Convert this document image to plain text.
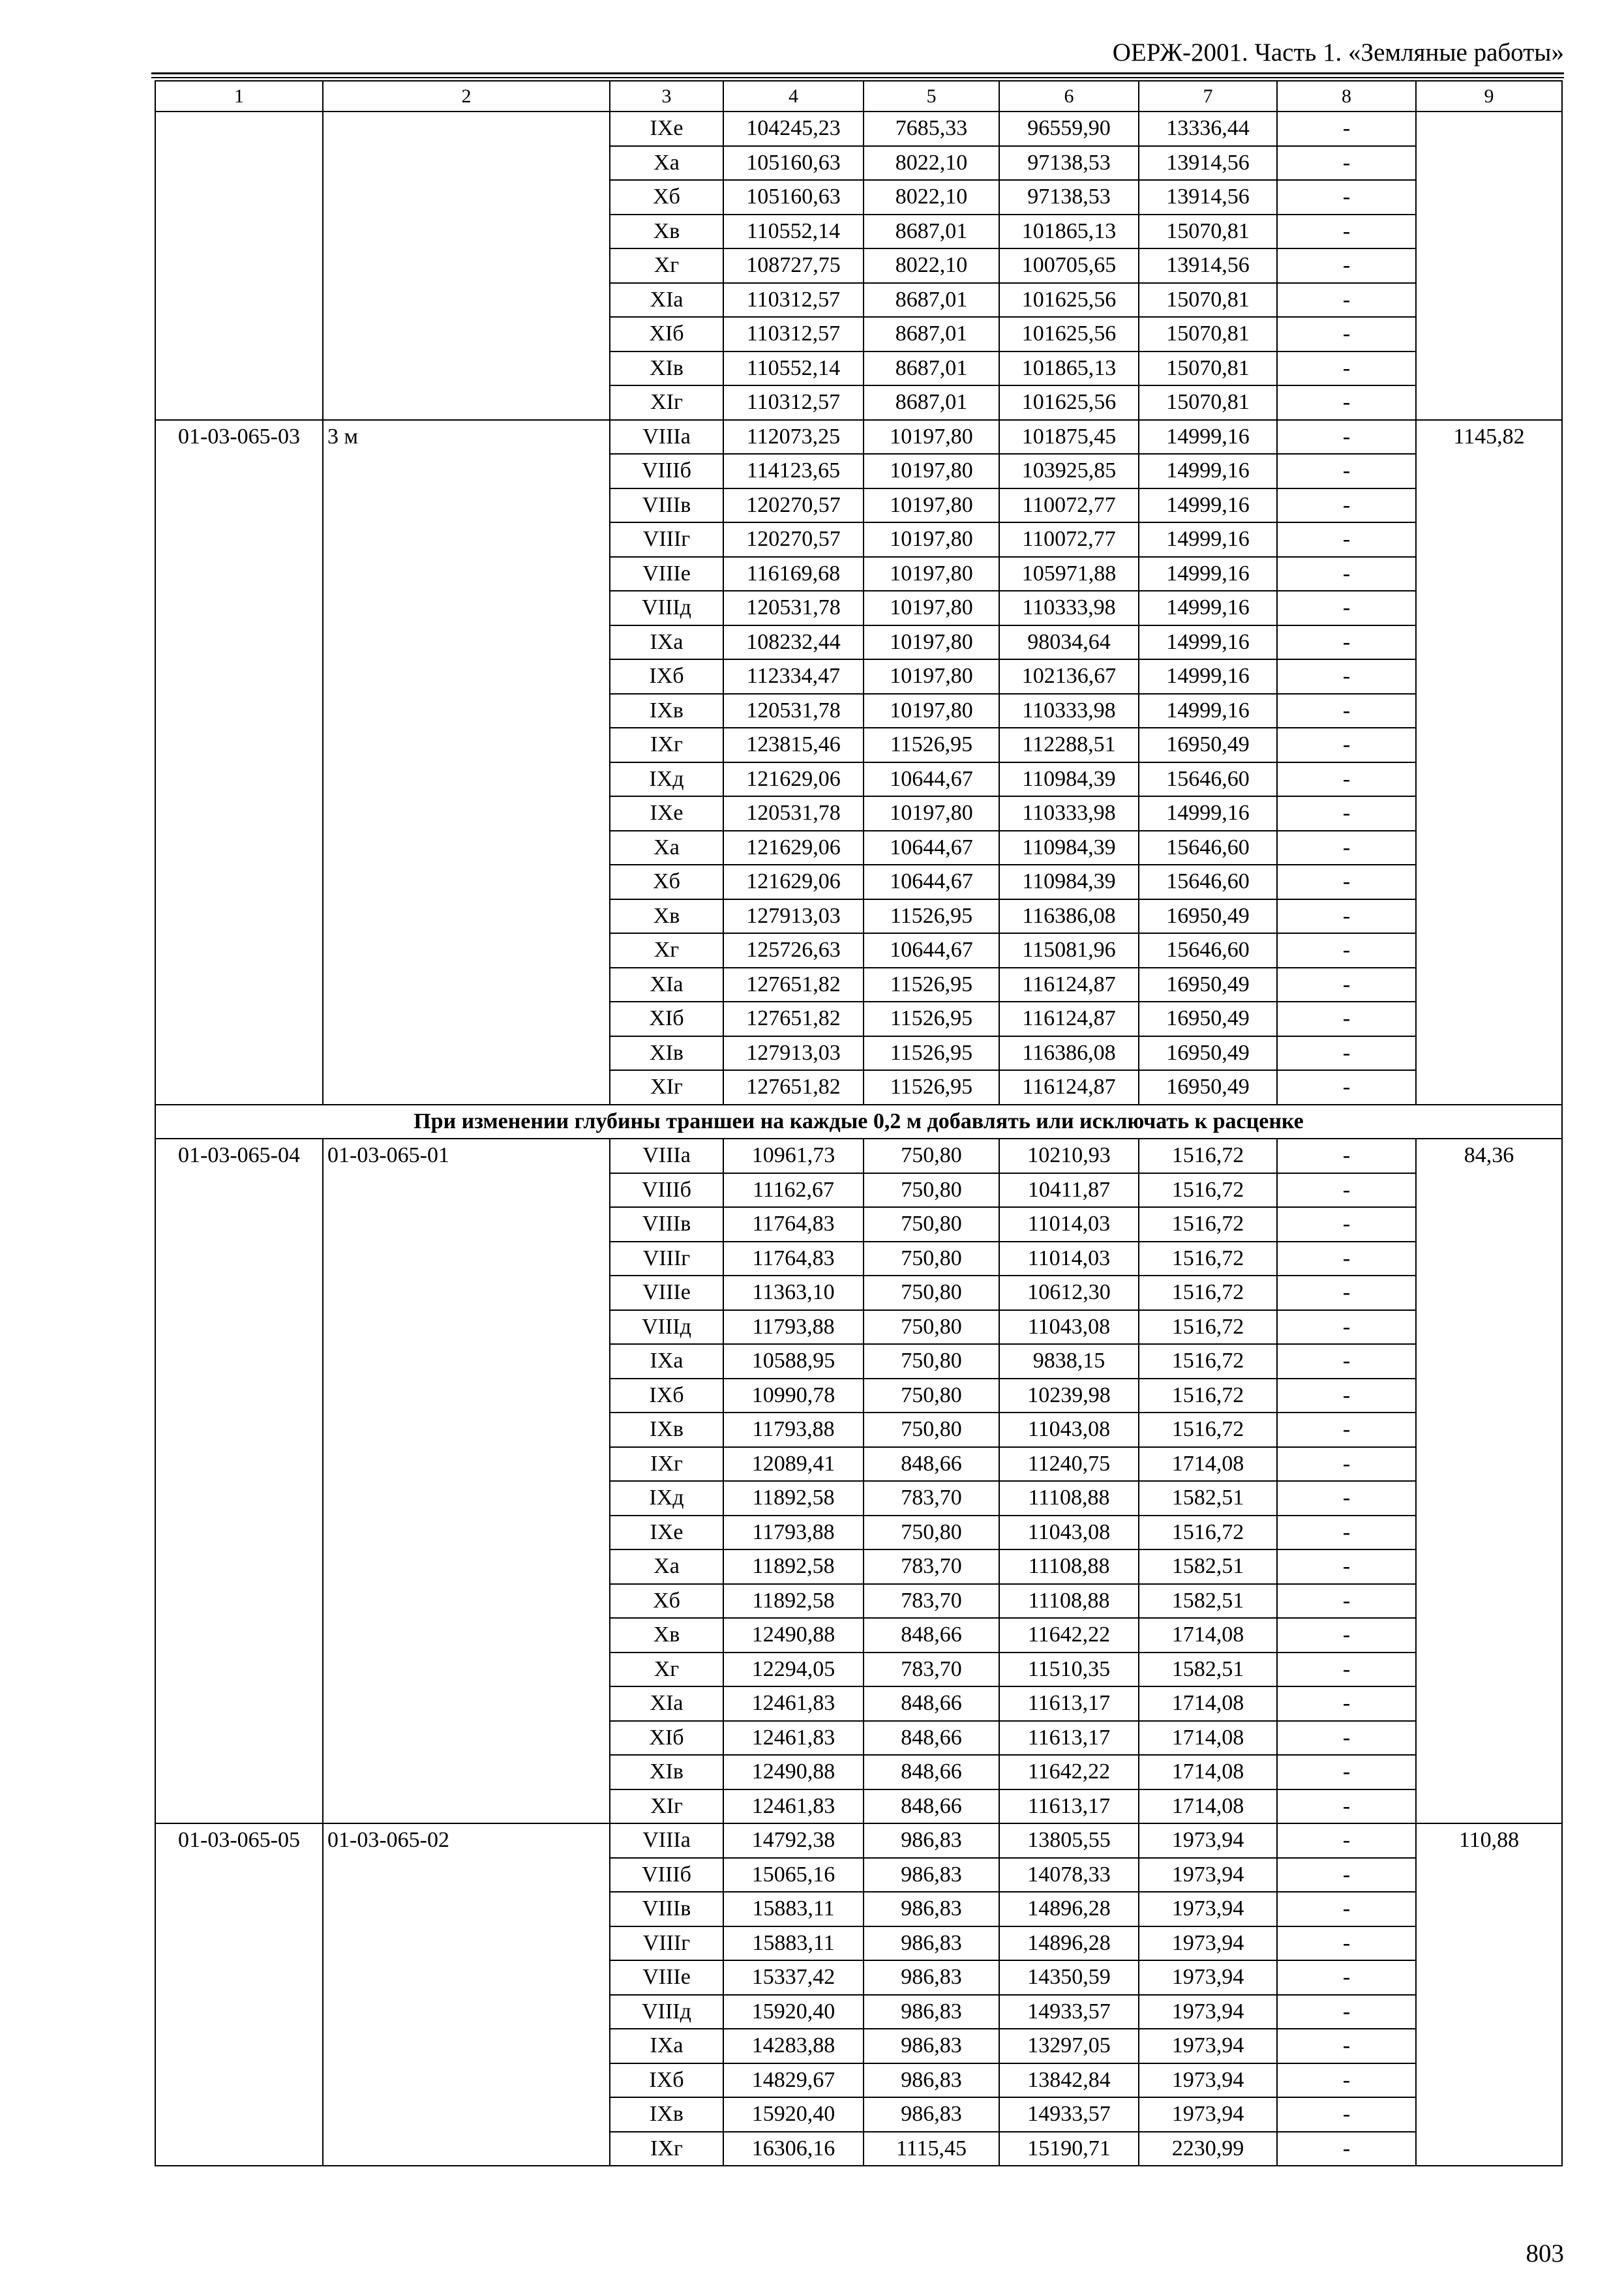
ОЕРЖ-2001. Часть 1. «Земляные работы»
1	2	3	4	5	6	7	8	9
		IXе	104245,23	7685,33	96559,90	13336,44	-	
		Xа	105160,63	8022,10	97138,53	13914,56	-	
		Xб	105160,63	8022,10	97138,53	13914,56	-	
		Xв	110552,14	8687,01	101865,13	15070,81	-	
		Xг	108727,75	8022,10	100705,65	13914,56	-	
		XIа	110312,57	8687,01	101625,56	15070,81	-	
		XIб	110312,57	8687,01	101625,56	15070,81	-	
		XIв	110552,14	8687,01	101865,13	15070,81	-	
		XIг	110312,57	8687,01	101625,56	15070,81	-	
01-03-065-03	3 м	VIIIа	112073,25	10197,80	101875,45	14999,16	-	1145,82
		VIIIб	114123,65	10197,80	103925,85	14999,16	-	
		VIIIв	120270,57	10197,80	110072,77	14999,16	-	
		VIIIг	120270,57	10197,80	110072,77	14999,16	-	
		VIIIе	116169,68	10197,80	105971,88	14999,16	-	
		VIIIд	120531,78	10197,80	110333,98	14999,16	-	
		IXа	108232,44	10197,80	98034,64	14999,16	-	
		IXб	112334,47	10197,80	102136,67	14999,16	-	
		IXв	120531,78	10197,80	110333,98	14999,16	-	
		IXг	123815,46	11526,95	112288,51	16950,49	-	
		IXд	121629,06	10644,67	110984,39	15646,60	-	
		IXе	120531,78	10197,80	110333,98	14999,16	-	
		Xа	121629,06	10644,67	110984,39	15646,60	-	
		Xб	121629,06	10644,67	110984,39	15646,60	-	
		Xв	127913,03	11526,95	116386,08	16950,49	-	
		Xг	125726,63	10644,67	115081,96	15646,60	-	
		XIа	127651,82	11526,95	116124,87	16950,49	-	
		XIб	127651,82	11526,95	116124,87	16950,49	-	
		XIв	127913,03	11526,95	116386,08	16950,49	-	
		XIг	127651,82	11526,95	116124,87	16950,49	-	
При изменении глубины траншеи на каждые 0,2 м добавлять или исключать к расценке								
01-03-065-04	01-03-065-01	VIIIа	10961,73	750,80	10210,93	1516,72	-	84,36
		VIIIб	11162,67	750,80	10411,87	1516,72	-	
		VIIIв	11764,83	750,80	11014,03	1516,72	-	
		VIIIг	11764,83	750,80	11014,03	1516,72	-	
		VIIIе	11363,10	750,80	10612,30	1516,72	-	
		VIIIд	11793,88	750,80	11043,08	1516,72	-	
		IXа	10588,95	750,80	9838,15	1516,72	-	
		IXб	10990,78	750,80	10239,98	1516,72	-	
		IXв	11793,88	750,80	11043,08	1516,72	-	
		IXг	12089,41	848,66	11240,75	1714,08	-	
		IXд	11892,58	783,70	11108,88	1582,51	-	
		IXе	11793,88	750,80	11043,08	1516,72	-	
		Xа	11892,58	783,70	11108,88	1582,51	-	
		Xб	11892,58	783,70	11108,88	1582,51	-	
		Xв	12490,88	848,66	11642,22	1714,08	-	
		Xг	12294,05	783,70	11510,35	1582,51	-	
		XIа	12461,83	848,66	11613,17	1714,08	-	
		XIб	12461,83	848,66	11613,17	1714,08	-	
		XIв	12490,88	848,66	11642,22	1714,08	-	
		XIг	12461,83	848,66	11613,17	1714,08	-	
01-03-065-05	01-03-065-02	VIIIа	14792,38	986,83	13805,55	1973,94	-	110,88
		VIIIб	15065,16	986,83	14078,33	1973,94	-	
		VIIIв	15883,11	986,83	14896,28	1973,94	-	
		VIIIг	15883,11	986,83	14896,28	1973,94	-	
		VIIIе	15337,42	986,83	14350,59	1973,94	-	
		VIIIд	15920,40	986,83	14933,57	1973,94	-	
		IXа	14283,88	986,83	13297,05	1973,94	-	
		IXб	14829,67	986,83	13842,84	1973,94	-	
		IXв	15920,40	986,83	14933,57	1973,94	-	
		IXг	16306,16	1115,45	15190,71	2230,99	-	
803
